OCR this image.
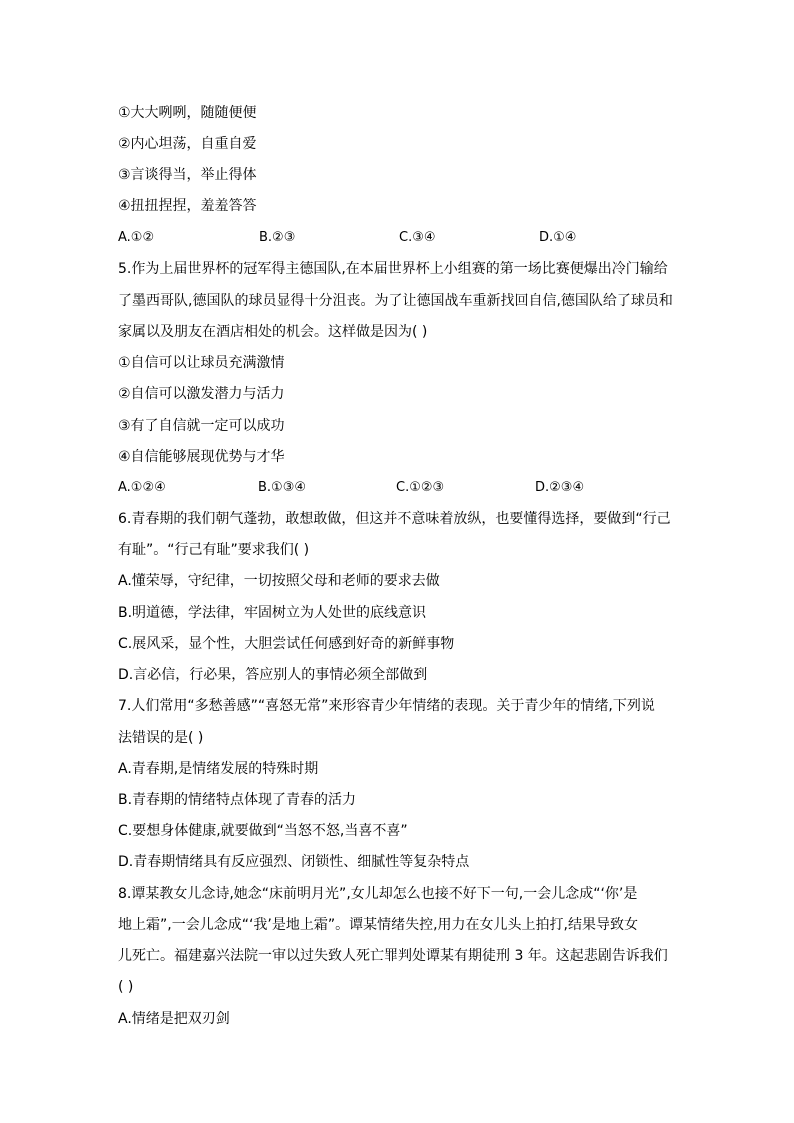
①大大咧咧，随随便便
②内心坦荡，自重自爱
③言谈得当，举止得体
④扭扭捏捏，羞羞答答
A.①②	B.②③	C.③④	D.①④
5.作为上届世界杯的冠军得主德国队,在本届世界杯上小组赛的第一场比赛便爆出冷门输给
了墨西哥队,德国队的球员显得十分沮丧。为了让德国战车重新找回自信,德国队给了球员和
家属以及朋友在酒店相处的机会。这样做是因为( )
①自信可以让球员充满激情
②自信可以激发潜力与活力
③有了自信就一定可以成功
④自信能够展现优势与才华
A.①②④	B.①③④	C.①②③	D.②③④
6.青春期的我们朝气蓬勃，敢想敢做，但这并不意味着放纵，也要懂得选择，要做到“行己
有耻”。“行己有耻”要求我们( )
A.懂荣辱，守纪律，一切按照父母和老师的要求去做
B.明道德，学法律，牢固树立为人处世的底线意识
C.展风采，显个性，大胆尝试任何感到好奇的新鲜事物
D.言必信，行必果，答应别人的事情必须全部做到
7.人们常用“多愁善感”“喜怒无常”来形容青少年情绪的表现。关于青少年的情绪,下列说
法错误的是( )
A.青春期,是情绪发展的特殊时期
B.青春期的情绪特点体现了青春的活力
C.要想身体健康,就要做到“当怒不怒,当喜不喜”
D.青春期情绪具有反应强烈、闭锁性、细腻性等复杂特点
8.谭某教女儿念诗,她念“床前明月光”,女儿却怎么也接不好下一句,一会儿念成“‘你’是
地上霜”,一会儿念成“‘我’是地上霜”。谭某情绪失控,用力在女儿头上拍打,结果导致女
儿死亡。福建嘉兴法院一审以过失致人死亡罪判处谭某有期徒刑 3 年。这起悲剧告诉我们
( )
A.情绪是把双刃剑
